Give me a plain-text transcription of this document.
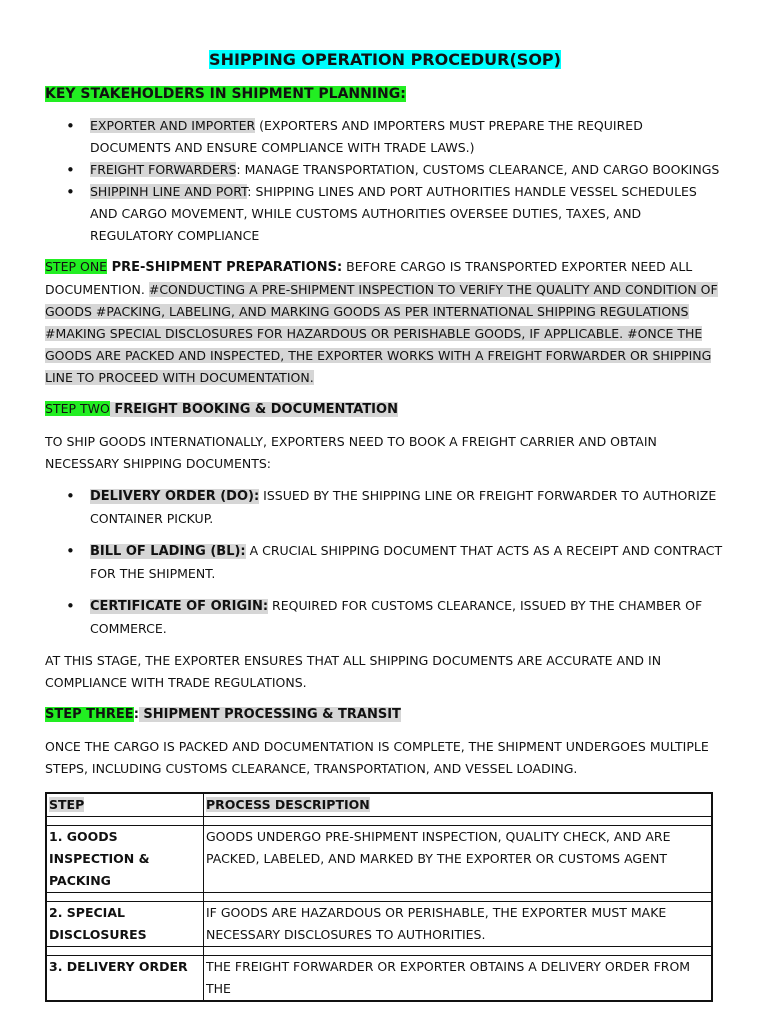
SHIPPING OPERATION PROCEDUR(SOP)
KEY STAKEHOLDERS IN SHIPMENT PLANNING:
• EXPORTER AND IMPORTER (EXPORTERS AND IMPORTERS MUST PREPARE THE REQUIRED DOCUMENTS AND ENSURE COMPLIANCE WITH TRADE LAWS.)
• FREIGHT FORWARDERS: MANAGE TRANSPORTATION, CUSTOMS CLEARANCE, AND CARGO BOOKINGS
• SHIPPINH LINE AND PORT: SHIPPING LINES AND PORT AUTHORITIES HANDLE VESSEL SCHEDULES AND CARGO MOVEMENT, WHILE CUSTOMS AUTHORITIES OVERSEE DUTIES, TAXES, AND REGULATORY COMPLIANCE

STEP ONE PRE-SHIPMENT PREPARATIONS: BEFORE CARGO IS TRANSPORTED EXPORTER NEED ALL DOCUMENTION. #CONDUCTING A PRE-SHIPMENT INSPECTION TO VERIFY THE QUALITY AND CONDITION OF GOODS #PACKING, LABELING, AND MARKING GOODS AS PER INTERNATIONAL SHIPPING REGULATIONS #MAKING SPECIAL DISCLOSURES FOR HAZARDOUS OR PERISHABLE GOODS, IF APPLICABLE. #ONCE THE GOODS ARE PACKED AND INSPECTED, THE EXPORTER WORKS WITH A FREIGHT FORWARDER OR SHIPPING LINE TO PROCEED WITH DOCUMENTATION.

STEP TWO FREIGHT BOOKING & DOCUMENTATION

TO SHIP GOODS INTERNATIONALLY, EXPORTERS NEED TO BOOK A FREIGHT CARRIER AND OBTAIN NECESSARY SHIPPING DOCUMENTS:

• DELIVERY ORDER (DO): ISSUED BY THE SHIPPING LINE OR FREIGHT FORWARDER TO AUTHORIZE CONTAINER PICKUP.
• BILL OF LADING (BL): A CRUCIAL SHIPPING DOCUMENT THAT ACTS AS A RECEIPT AND CONTRACT FOR THE SHIPMENT.
• CERTIFICATE OF ORIGIN: REQUIRED FOR CUSTOMS CLEARANCE, ISSUED BY THE CHAMBER OF COMMERCE.

AT THIS STAGE, THE EXPORTER ENSURES THAT ALL SHIPPING DOCUMENTS ARE ACCURATE AND IN COMPLIANCE WITH TRADE REGULATIONS.

STEP THREE: SHIPMENT PROCESSING & TRANSIT

ONCE THE CARGO IS PACKED AND DOCUMENTATION IS COMPLETE, THE SHIPMENT UNDERGOES MULTIPLE STEPS, INCLUDING CUSTOMS CLEARANCE, TRANSPORTATION, AND VESSEL LOADING.

STEP	PROCESS DESCRIPTION

1. GOODS INSPECTION & PACKING	GOODS UNDERGO PRE-SHIPMENT INSPECTION, QUALITY CHECK, AND ARE PACKED, LABELED, AND MARKED BY THE EXPORTER OR CUSTOMS AGENT

2. SPECIAL DISCLOSURES	IF GOODS ARE HAZARDOUS OR PERISHABLE, THE EXPORTER MUST MAKE NECESSARY DISCLOSURES TO AUTHORITIES.

3. DELIVERY ORDER	THE FREIGHT FORWARDER OR EXPORTER OBTAINS A DELIVERY ORDER FROM THE
